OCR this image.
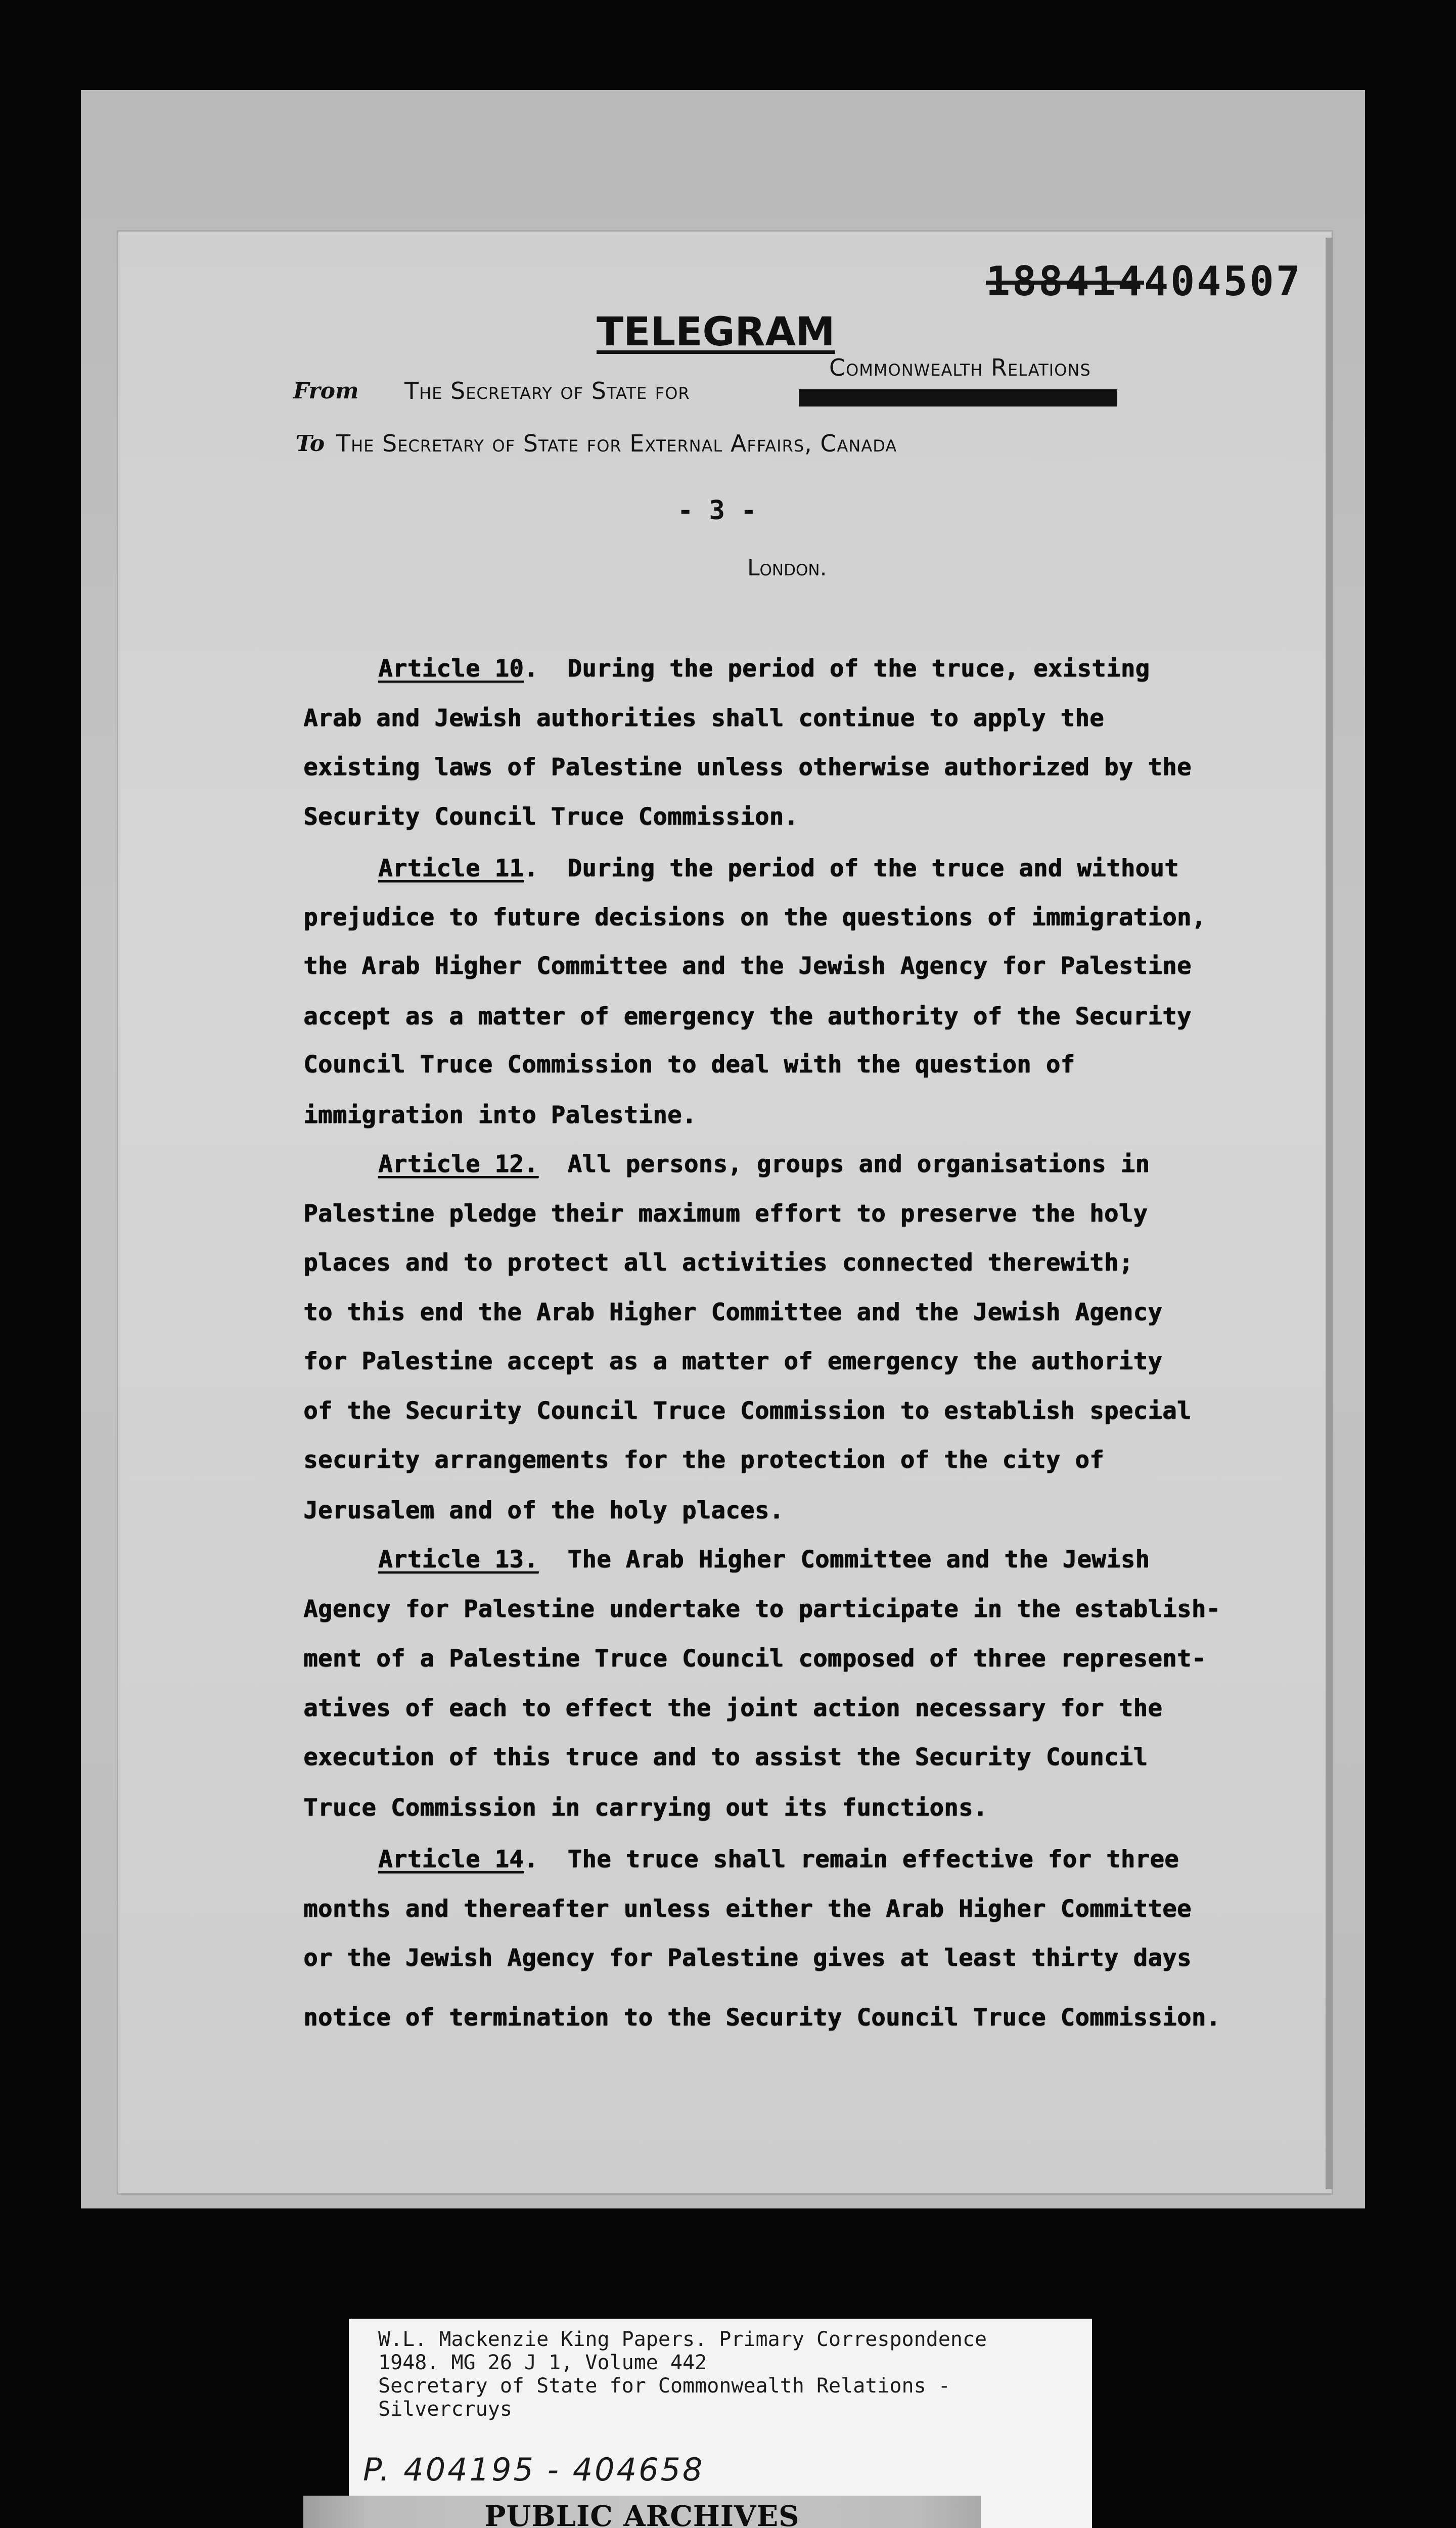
188414404507
TELEGRAM
Commonwealth Relations
From The Secretary of State for
To The Secretary of State for External Affairs, Canada
- 3 -
London.
Article 10.  During the period of the truce, existing
Arab and Jewish authorities shall continue to apply the
existing laws of Palestine unless otherwise authorized by the
Security Council Truce Commission.
Article 11.  During the period of the truce and without
prejudice to future decisions on the questions of immigration,
the Arab Higher Committee and the Jewish Agency for Palestine
accept as a matter of emergency the authority of the Security
Council Truce Commission to deal with the question of
immigration into Palestine.
Article 12.  All persons, groups and organisations in
Palestine pledge their maximum effort to preserve the holy
places and to protect all activities connected therewith;
to this end the Arab Higher Committee and the Jewish Agency
for Palestine accept as a matter of emergency the authority
of the Security Council Truce Commission to establish special
security arrangements for the protection of the city of
Jerusalem and of the holy places.
Article 13.  The Arab Higher Committee and the Jewish
Agency for Palestine undertake to participate in the establish-
ment of a Palestine Truce Council composed of three represent-
atives of each to effect the joint action necessary for the
execution of this truce and to assist the Security Council
Truce Commission in carrying out its functions.
Article 14.  The truce shall remain effective for three
months and thereafter unless either the Arab Higher Committee
or the Jewish Agency for Palestine gives at least thirty days
notice of termination to the Security Council Truce Commission.
W.L. Mackenzie King Papers. Primary Correspondence
1948. MG 26 J 1, Volume 442
Secretary of State for Commonwealth Relations -
Silvercruys
P. 404195 - 404658
PUBLIC ARCHIVES
